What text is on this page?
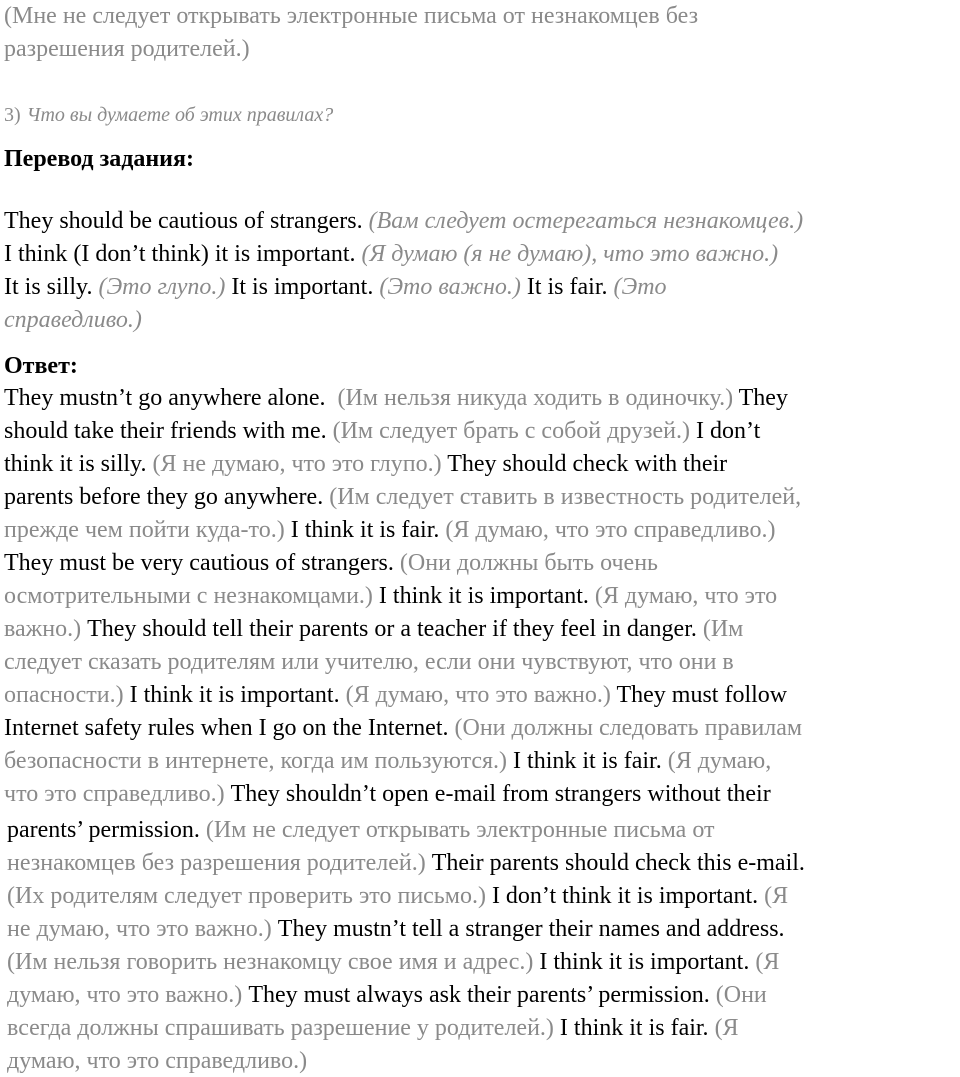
(Мне не следует открывать электронные письма от незнакомцев без
разрешения родителей.)
3) Что вы думаете об этих правилах?
Перевод задания:
They should be cautious of strangers. (Вам следует остерегаться незнакомцев.)
I think (I don’t think) it is important. (Я думаю (я не думаю), что это важно.)
It is silly. (Это глупо.) It is important. (Это важно.) It is fair. (Это
справедливо.)
Ответ:
They mustn’t go anywhere alone. (Им нельзя никуда ходить в одиночку.) They
should take their friends with me. (Им следует брать с собой друзей.) I don’t
think it is silly. (Я не думаю, что это глупо.) They should check with their
parents before they go anywhere. (Им следует ставить в известность родителей,
прежде чем пойти куда-то.) I think it is fair. (Я думаю, что это справедливо.)
They must be very cautious of strangers. (Они должны быть очень
осмотрительными с незнакомцами.) I think it is important. (Я думаю, что это
важно.) They should tell their parents or a teacher if they feel in danger. (Им
следует сказать родителям или учителю, если они чувствуют, что они в
опасности.) I think it is important. (Я думаю, что это важно.) They must follow
Internet safety rules when I go on the Internet. (Они должны следовать правилам
безопасности в интернете, когда им пользуются.) I think it is fair. (Я думаю,
что это справедливо.) They shouldn’t open e-mail from strangers without their
parents’ permission. (Им не следует открывать электронные письма от
незнакомцев без разрешения родителей.) Their parents should check this e-mail.
(Их родителям следует проверить это письмо.) I don’t think it is important. (Я
не думаю, что это важно.) They mustn’t tell a stranger their names and address.
(Им нельзя говорить незнакомцу свое имя и адрес.) I think it is important. (Я
думаю, что это важно.) They must always ask their parents’ permission. (Они
всегда должны спрашивать разрешение у родителей.) I think it is fair. (Я
думаю, что это справедливо.)
